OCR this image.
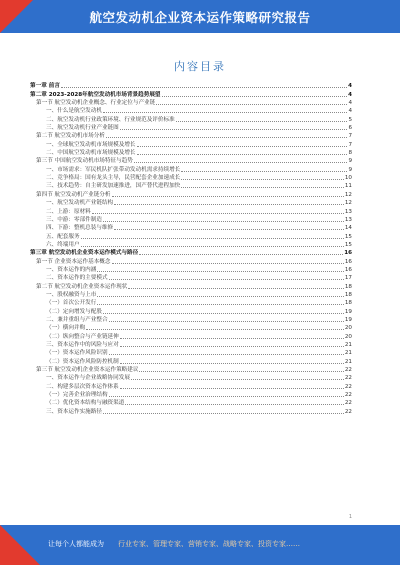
航空发动机企业资本运作策略研究报告
内容目录
第一章 前言	4
第二章 2023-2028年航空发动机市场背景趋势展望	4
第一节 航空发动机企业概念、行业定位与产业链	4
一、什么是航空发动机	4
二、航空发动机行业政策环境、行业规范及评价标准	5
三、航空发动机行业产业链图	6
第二节 航空发动机市场分析	7
一、全球航空发动机市场规模及增长	7
二、中国航空发动机市场规模及增长	8
第三节 中国航空发动机市场特征与趋势	9
一、市场需求：军民机队扩张带动发动机需求持续增长	9
二、竞争格局：国有龙头主导，民营配套企业加速成长	10
三、技术趋势：自主研发加速推进，国产替代进程加快	11
第四节 航空发动机产业链分析	12
一、航空发动机产业链结构	12
二、上游：原材料	13
三、中游：零部件制造	13
四、下游：整机总装与维修	14
五、配套服务	15
六、终端用户	15
第三章 航空发动机企业资本运作模式与路径	16
第一节 企业资本运作基本概念	16
一、资本运作的内涵	16
二、资本运作的主要模式	17
第二节 航空发动机企业资本运作现状	18
一、股权融资与上市	18
（一）首次公开发行	18
（二）定向增发与配股	19
二、兼并重组与产业整合	19
（一）横向并购	20
（二）纵向整合与产业链延伸	20
三、资本运作中的风险与应对	21
（一）资本运作风险识别	21
（二）资本运作风险防控机制	21
第三节 航空发动机企业资本运作策略建议	22
一、资本运作与企业战略协同发展	22
二、构建多层次资本运作体系	22
（一）完善企业治理结构	22
（二）优化资本结构与融资渠道	22
三、资本运作实施路径	22
1
让每个人都能成为 行业专家、管理专家、营销专家、战略专家、投资专家……
